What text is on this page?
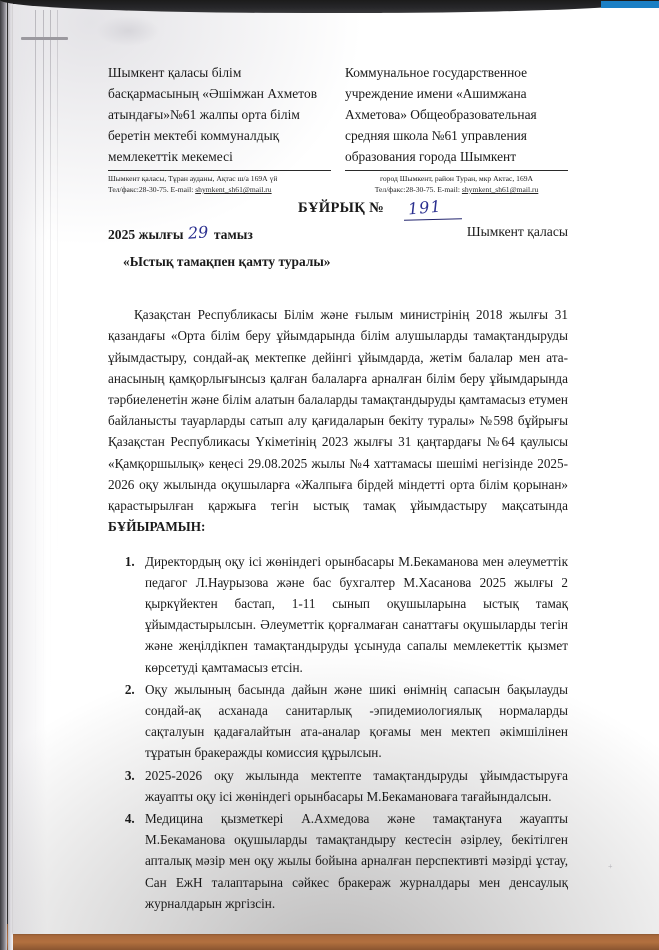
+
Шымкент қаласы білім басқармасының «Әшімжан Ахметов атындағы»№61 жалпы орта білім беретін мектебі коммуналдық мемлекеттік мекемесі
Шымкент қаласы, Тұран ауданы, Ақтас ш/а 169А үй
Тел/факс:28-30-75. E-mail: shymkent_sh61@mail.ru
Коммунальное государственное учреждение имени «Ашимжана Ахметова» Общеобразовательная средняя школа №61 управления образования города Шымкент
город Шымкент, район Туран, мкр Актас, 169А
Тел/факс:28-30-75. E-mail: shymkent_sh61@mail.ru
БҰЙРЫҚ № 191
2025 жылғы 29 тамыз	Шымкент қаласы
«Ыстық тамақпен қамту туралы»

Қазақстан Республикасы Білім және ғылым министрінің 2018 жылғы 31 қазандағы «Орта білім беру ұйымдарында білім алушыларды тамақтандыруды ұйымдастыру, сондай-ақ мектепке дейінгі ұйымдарда, жетім балалар мен ата-анасының қамқорлығынсыз қалған балаларға арналған білім беру ұйымдарында тәрбиеленетін және білім алатын балаларды тамақтандыруды қамтамасыз етумен байланысты тауарларды сатып алу қағидаларын бекіту туралы» №598 бұйрығы Қазақстан Республикасы Үкіметінің 2023 жылғы 31 қаңтардағы №64 қаулысы «Қамқоршылық» кеңесі 29.08.2025 жылы №4 хаттамасы шешімі негізінде 2025-2026 оқу жылында оқушыларға «Жалпыға бірдей міндетті орта білім қорынан» қарастырылған қаржыға тегін ыстық тамақ ұйымдастыру мақсатында БҰЙЫРАМЫН:

1. Директордың оқу ісі жөніндегі орынбасары М.Бекаманова мен әлеуметтік педагог Л.Наурызова және бас бухгалтер М.Хасанова 2025 жылғы 2 қыркүйектен бастап, 1-11 сынып оқушыларына ыстық тамақ ұйымдастырылсын. Әлеуметтік қорғалмаған санаттағы оқушыларды тегін және жеңілдікпен тамақтандыруды ұсынуда сапалы мемлекеттік қызмет көрсетуді қамтамасыз етсін.
2. Оқу жылының басында дайын және шикі өнімнің сапасын бақылауды сондай-ақ асханада санитарлық -эпидемиологиялық нормаларды сақталуын қадағалайтын ата-аналар қоғамы мен мектеп әкімшілінен тұратын бракеражды комиссия құрылсын.
3. 2025-2026 оқу жылында мектепте тамақтандыруды ұйымдастыруға жауапты оқу ісі жөніндегі орынбасары М.Бекамановаға тағайындалсын.
4. Медицина қызметкері А.Ахмедова және тамақтануға жауапты М.Бекаманова оқушыларды тамақтандыру кестесін әзірлеу, бекітілген апталық мәзір мен оқу жылы бойына арналған перспективті мәзірді ұстау, Сан ЕжН талаптарына сәйкес бракераж журналдары мен денсаулық журналдарын жргізсін.
